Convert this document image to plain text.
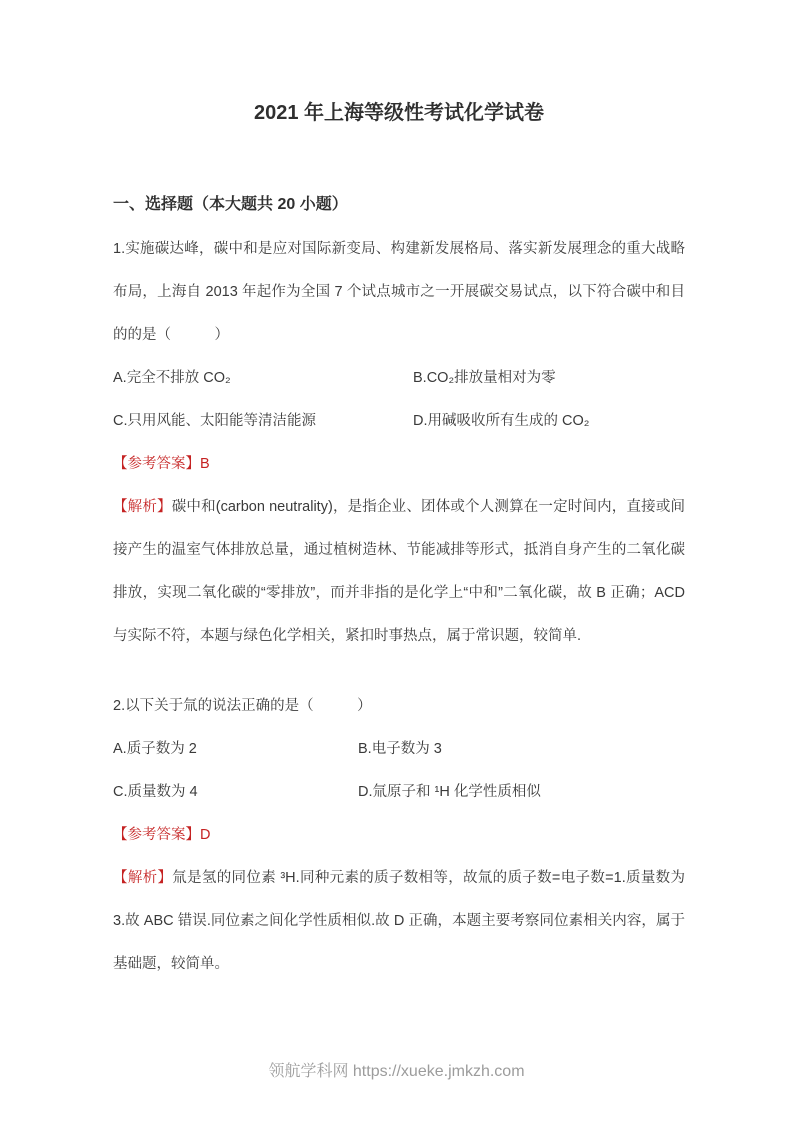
2021 年上海等级性考试化学试卷
一、选择题（本大题共 20 小题）

1.实施碳达峰，碳中和是应对国际新变局、构建新发展格局、落实新发展理念的重大战略布局，上海自 2013 年起作为全国 7 个试点城市之一开展碳交易试点，以下符合碳中和目的的是（　　　）

A.完全不排放 CO₂	B.CO₂排放量相对为零
C.只用风能、太阳能等清洁能源	D.用碱吸收所有生成的 CO₂

【参考答案】B

【解析】碳中和(carbon neutrality)，是指企业、团体或个人测算在一定时间内，直接或间接产生的温室气体排放总量，通过植树造林、节能减排等形式，抵消自身产生的二氧化碳排放，实现二氧化碳的“零排放”，而并非指的是化学上“中和”二氧化碳，故 B 正确；ACD 与实际不符，本题与绿色化学相关，紧扣时事热点，属于常识题，较简单.

2.以下关于氚的说法正确的是（　　　）

A.质子数为 2	B.电子数为 3
C.质量数为 4	D.氚原子和 ¹H 化学性质相似

【参考答案】D

【解析】氚是氢的同位素 ³H.同种元素的质子数相等，故氚的质子数=电子数=1.质量数为 3.故 ABC 错误.同位素之间化学性质相似.故 D 正确，本题主要考察同位素相关内容，属于基础题，较简单。

领航学科网 https://xueke.jmkzh.com
